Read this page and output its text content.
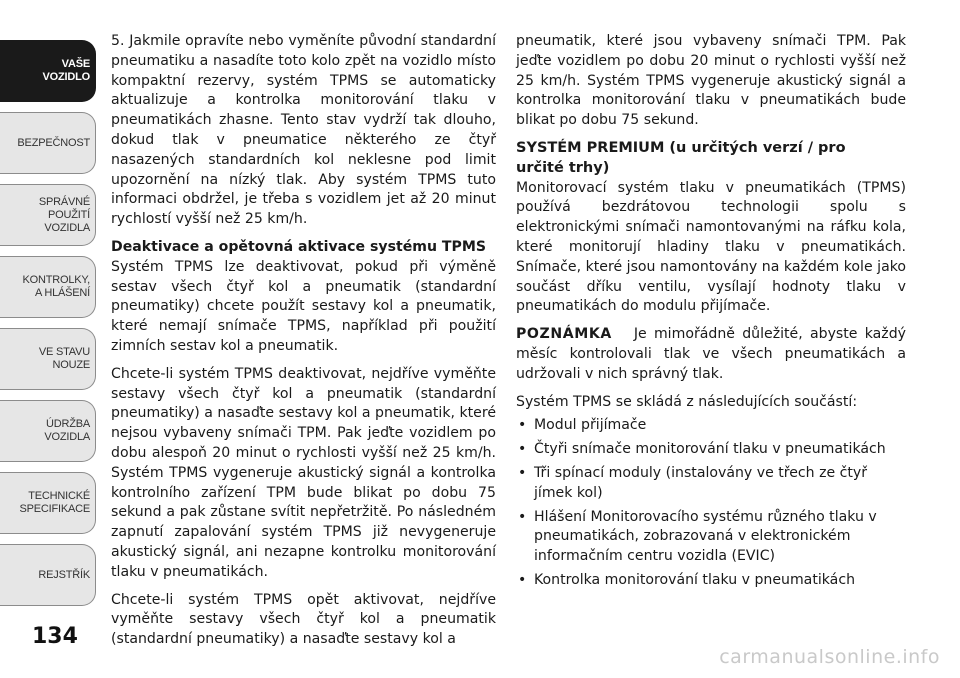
VAŠE
VOZIDLO
BEZPEČNOST
SPRÁVNÉ
POUŽITÍ
VOZIDLA
KONTROLKY,
A HLÁŠENÍ
VE STAVU
NOUZE
ÚDRŽBA
VOZIDLA
TECHNICKÉ
SPECIFIKACE
REJSTŘÍK
134

5. Jakmile opravíte nebo vyměníte původní standardní pneumatiku a nasadíte toto kolo zpět na vozidlo místo kompaktní rezervy, systém TPMS se automaticky aktualizuje a kontrolka monitorování tlaku v pneumatikách zhasne. Tento stav vydrží tak dlouho, dokud tlak v pneumatice některého ze čtyř nasazených standardních kol neklesne pod limit upozornění na nízký tlak. Aby systém TPMS tuto informaci obdržel, je třeba s vozidlem jet až 20 minut rychlostí vyšší než 25 km/h.

Deaktivace a opětovná aktivace systému TPMS

Systém TPMS lze deaktivovat, pokud při výměně sestav všech čtyř kol a pneumatik (standardní pneumatiky) chcete použít sestavy kol a pneumatik, které nemají snímače TPMS, například při použití zimních sestav kol a pneumatik.

Chcete-li systém TPMS deaktivovat, nejdříve vyměňte sestavy všech čtyř kol a pneumatik (standardní pneumatiky) a nasaďte sestavy kol a pneumatik, které nejsou vybaveny snímači TPM. Pak jeďte vozidlem po dobu alespoň 20 minut o rychlosti vyšší než 25 km/h. Systém TPMS vygeneruje akustický signál a kontrolka kontrolního zařízení TPM bude blikat po dobu 75 sekund a pak zůstane svítit nepřetržitě. Po následném zapnutí zapalování systém TPMS již nevygeneruje akustický signál, ani nezapne kontrolku monitorování tlaku v pneumatikách.

Chcete-li systém TPMS opět aktivovat, nejdříve vyměňte sestavy všech čtyř kol a pneumatik (standardní pneumatiky) a nasaďte sestavy kol a

pneumatik, které jsou vybaveny snímači TPM. Pak jeďte vozidlem po dobu 20 minut o rychlosti vyšší než 25 km/h. Systém TPMS vygeneruje akustický signál a kontrolka monitorování tlaku v pneumatikách bude blikat po dobu 75 sekund.

SYSTÉM PREMIUM (u určitých verzí / pro

určité trhy)

Monitorovací systém tlaku v pneumatikách (TPMS) používá bezdrátovou technologii spolu s elektronickými snímači namontovanými na ráfku kola, které monitorují hladiny tlaku v pneumatikách. Snímače, které jsou namontovány na každém kole jako součást dříku ventilu, vysílají hodnoty tlaku v pneumatikách do modulu přijímače.

POZNÁMKA Je mimořádně důležité, abyste každý měsíc kontrolovali tlak ve všech pneumatikách a udržovali v nich správný tlak.

Systém TPMS se skládá z následujících součástí:

• Modul přijímače
• Čtyři snímače monitorování tlaku v pneumatikách
• Tři spínací moduly (instalovány ve třech ze čtyř jímek kol)
• Hlášení Monitorovacího systému různého tlaku v pneumatikách, zobrazovaná v elektronickém informačním centru vozidla (EVIC)
• Kontrolka monitorování tlaku v pneumatikách
carmanualsonline.info
